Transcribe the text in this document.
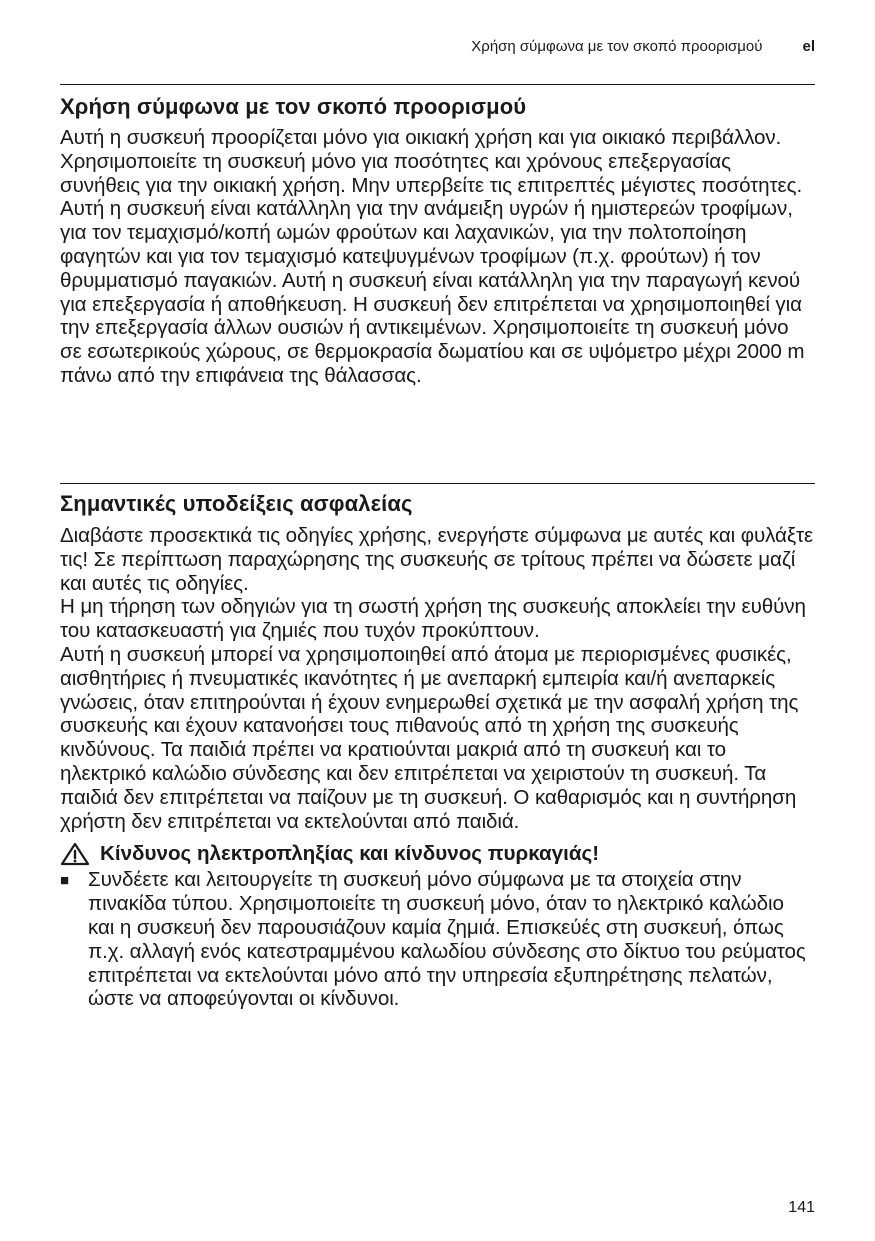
Χρήση σύμφωνα με τον σκοπό προορισμού	el
Χρήση σύμφωνα με τον σκοπό προορισμού

Αυτή η συσκευή προορίζεται μόνο για οικιακή χρήση και για οικιακό περιβάλλον. Χρησιμοποιείτε τη συσκευή μόνο για ποσότητες και χρόνους επεξεργασίας συνήθεις για την οικιακή χρήση. Μην υπερβείτε τις επιτρεπτές μέγιστες ποσότητες.

Αυτή η συσκευή είναι κατάλληλη για την ανάμειξη υγρών ή ημιστερεών τροφίμων, για τον τεμαχισμό/κοπή ωμών φρούτων και λαχανικών, για την πολτοποίηση φαγητών και για τον τεμαχισμό κατεψυγμένων τροφίμων (π.χ. φρούτων) ή τον θρυμματισμό παγακιών. Αυτή η συσκευή είναι κατάλληλη για την παραγωγή κενού για επεξεργασία ή αποθήκευση. Η συσκευή δεν επιτρέπεται να χρησιμοποιηθεί για την επεξεργασία άλλων ουσιών ή αντικειμένων. Χρησιμοποιείτε τη συσκευή μόνο σε εσωτερικούς χώρους, σε θερμοκρασία δωματίου και σε υψόμετρο μέχρι 2000 m πάνω από την επιφάνεια της θάλασσας.

Σημαντικές υποδείξεις ασφαλείας

Διαβάστε προσεκτικά τις οδηγίες χρήσης, ενεργήστε σύμφωνα με αυτές και φυλάξτε τις! Σε περίπτωση παραχώρησης της συσκευής σε τρίτους πρέπει να δώσετε μαζί και αυτές τις οδηγίες.

Η μη τήρηση των οδηγιών για τη σωστή χρήση της συσκευής αποκλείει την ευθύνη του κατασκευαστή για ζημιές που τυχόν προκύπτουν.

Αυτή η συσκευή μπορεί να χρησιμοποιηθεί από άτομα με περιορισμένες φυσικές, αισθητήριες ή πνευματικές ικανότητες ή με ανεπαρκή εμπειρία και/ή ανεπαρκείς γνώσεις, όταν επιτηρούνται ή έχουν ενημερωθεί σχετικά με την ασφαλή χρήση της συσκευής και έχουν κατανοήσει τους πιθανούς από τη χρήση της συσκευής κινδύνους. Τα παιδιά πρέπει να κρατιούνται μακριά από τη συσκευή και το ηλεκτρικό καλώδιο σύνδεσης και δεν επιτρέπεται να χειριστούν τη συσκευή. Τα παιδιά δεν επιτρέπεται να παίζουν με τη συσκευή. Ο καθαρισμός και η συντήρηση χρήστη δεν επιτρέπεται να εκτελούνται από παιδιά.

Κίνδυνος ηλεκτροπληξίας και κίνδυνος πυρκαγιάς!
■ Συνδέετε και λειτουργείτε τη συσκευή μόνο σύμφωνα με τα στοιχεία στην πινακίδα τύπου. Χρησιμοποιείτε τη συσκευή μόνο, όταν το ηλεκτρικό καλώδιο και η συσκευή δεν παρουσιάζουν καμία ζημιά. Επισκεύές στη συσκευή, όπως π.χ. αλλαγή ενός κατεστραμμένου καλωδίου σύνδεσης στο δίκτυο του ρεύματος επιτρέπεται να εκτελούνται μόνο από την υπηρεσία εξυπηρέτησης πελατών, ώστε να αποφεύγονται οι κίνδυνοι.
141
